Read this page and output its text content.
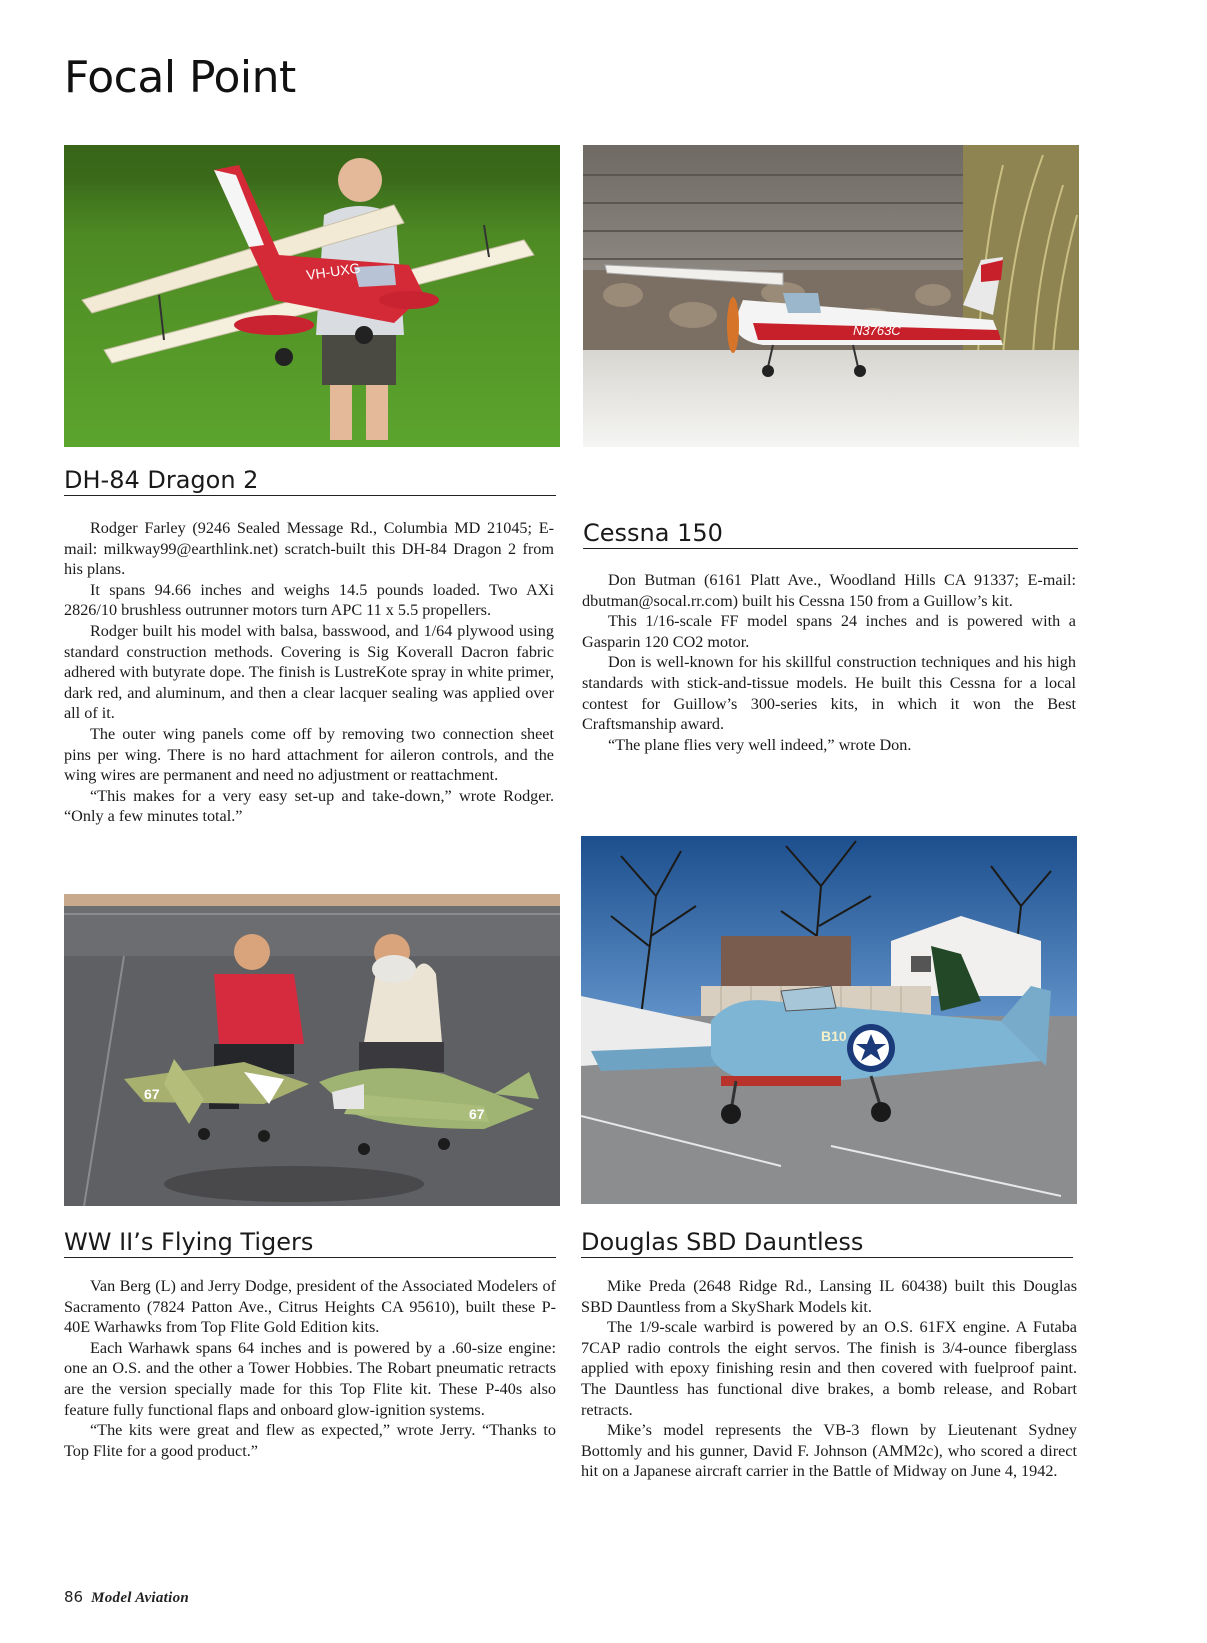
Focal Point
VH-UXG
DH-84 Dragon 2

Rodger Farley (9246 Sealed Message Rd., Columbia MD 21045; E-mail: milkway99@earthlink.net) scratch-built this DH-84 Dragon 2 from his plans.

It spans 94.66 inches and weighs 14.5 pounds loaded. Two AXi 2826/10 brushless outrunner motors turn APC 11 x 5.5 propellers.

Rodger built his model with balsa, basswood, and 1/64 plywood using standard construction methods. Covering is Sig Koverall Dacron fabric adhered with butyrate dope. The finish is LustreKote spray in white primer, dark red, and aluminum, and then a clear lacquer sealing was applied over all of it.

The outer wing panels come off by removing two connection sheet pins per wing. There is no hard attachment for aileron controls, and the wing wires are permanent and need no adjustment or reattachment.

“This makes for a very easy set-up and take-down,” wrote Rodger. “Only a few minutes total.”

N3763C
Cessna 150

Don Butman (6161 Platt Ave., Woodland Hills CA 91337; E-mail: dbutman@socal.rr.com) built his Cessna 150 from a Guillow’s kit.

This 1/16-scale FF model spans 24 inches and is powered with a Gasparin 120 CO2 motor.

Don is well-known for his skillful construction techniques and his high standards with stick-and-tissue models. He built this Cessna for a local contest for Guillow’s 300-series kits, in which it won the Best Craftsmanship award.

“The plane flies very well indeed,” wrote Don.

67
67
WW II’s Flying Tigers

Van Berg (L) and Jerry Dodge, president of the Associated Modelers of Sacramento (7824 Patton Ave., Citrus Heights CA 95610), built these P-40E Warhawks from Top Flite Gold Edition kits.

Each Warhawk spans 64 inches and is powered by a .60-size engine: one an O.S. and the other a Tower Hobbies. The Robart pneumatic retracts are the version specially made for this Top Flite kit. These P-40s also feature fully functional flaps and onboard glow-ignition systems.

“The kits were great and flew as expected,” wrote Jerry. “Thanks to Top Flite for a good product.”

B10
Douglas SBD Dauntless

Mike Preda (2648 Ridge Rd., Lansing IL 60438) built this Douglas SBD Dauntless from a SkyShark Models kit.

The 1/9-scale warbird is powered by an O.S. 61FX engine. A Futaba 7CAP radio controls the eight servos. The finish is 3/4-ounce fiberglass applied with epoxy finishing resin and then covered with fuelproof paint. The Dauntless has functional dive brakes, a bomb release, and Robart retracts.

Mike’s model represents the VB-3 flown by Lieutenant Sydney Bottomly and his gunner, David F. Johnson (AMM2c), who scored a direct hit on a Japanese aircraft carrier in the Battle of Midway on June 4, 1942.

86 Model Aviation
